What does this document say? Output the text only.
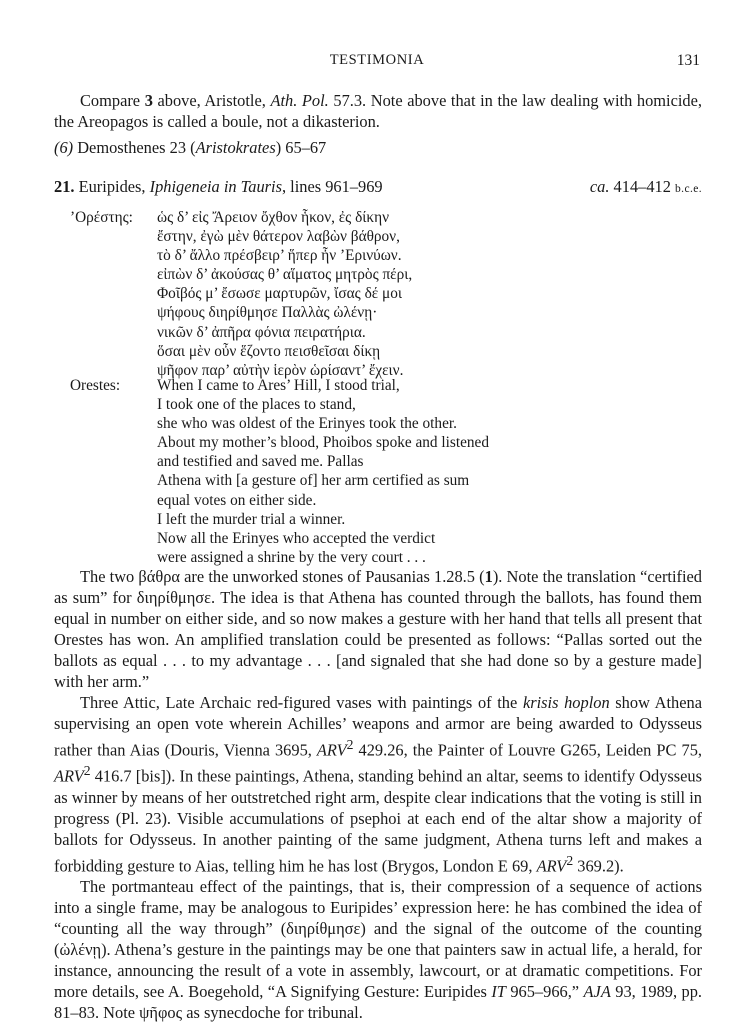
TESTIMONIA	131

Compare 3 above, Aristotle, Ath. Pol. 57.3. Note above that in the law dealing with homicide, the Areopagos is called a boule, not a dikasterion.

(6) Demosthenes 23 (Aristokrates) 65–67
21. Euripides, Iphigeneia in Tauris, lines 961–969	ca. 414–412 b.c.e.
’Ορέστης: ὡς δ’ εἰς Ἄρειον ὄχθον ἧκον, ἐς δίκην
ἔστην, ἐγὼ μὲν θάτερον λαβὼν βάθρον,
τὸ δ’ ἄλλο πρέσβειρ’ ἥπερ ἦν ’Ερινύων.
εἰπὼν δ’ ἀκούσας θ’ αἵματος μητρὸς πέρι,
Φοῖβός μ’ ἔσωσε μαρτυρῶν, ἴσας δέ μοι
ψήφους διηρίθμησε Παλλὰς ὠλένῃ·
νικῶν δ’ ἀπῆρα φόνια πειρατήρια.
ὅσαι μὲν οὖν ἕζοντο πεισθεῖσαι δίκῃ
ψῆφον παρ’ αὐτὴν ἱερὸν ὡρίσαντ’ ἔχειν.
Orestes: When I came to Ares’ Hill, I stood trial,
I took one of the places to stand,
she who was oldest of the Erinyes took the other.
About my mother’s blood, Phoibos spoke and listened
and testified and saved me. Pallas
Athena with [a gesture of] her arm certified as sum
equal votes on either side.
I left the murder trial a winner.
Now all the Erinyes who accepted the verdict
were assigned a shrine by the very court . . .

The two βάθρα are the unworked stones of Pausanias 1.28.5 (1). Note the translation “certified as sum” for διηρίθμησε. The idea is that Athena has counted through the ballots, has found them equal in number on either side, and so now makes a gesture with her hand that tells all present that Orestes has won. An amplified translation could be presented as follows: “Pallas sorted out the ballots as equal . . . to my advantage . . . [and signaled that she had done so by a gesture made] with her arm.”

Three Attic, Late Archaic red-figured vases with paintings of the krisis hoplon show Athena supervising an open vote wherein Achilles’ weapons and armor are being awarded to Odysseus rather than Aias (Douris, Vienna 3695, ARV$^2$ 429.26, the Painter of Louvre G265, Leiden PC 75, ARV$^2$ 416.7 [bis]). In these paintings, Athena, standing behind an altar, seems to identify Odysseus as winner by means of her outstretched right arm, despite clear indications that the voting is still in progress (Pl. 23). Visible accumulations of psephoi at each end of the altar show a majority of ballots for Odysseus. In another painting of the same judgment, Athena turns left and makes a forbidding gesture to Aias, telling him he has lost (Brygos, London E 69, ARV$^2$ 369.2).

The portmanteau effect of the paintings, that is, their compression of a sequence of actions into a single frame, may be analogous to Euripides’ expression here: he has combined the idea of “counting all the way through” (διηρίθμησε) and the signal of the outcome of the counting (ὠλένῃ). Athena’s gesture in the paintings may be one that painters saw in actual life, a herald, for instance, announcing the result of a vote in assembly, lawcourt, or at dramatic competitions. For more details, see A. Boegehold, “A Signifying Gesture: Euripides IT 965–966,” AJA 93, 1989, pp. 81–83. Note ψῆφος as synecdoche for tribunal.
